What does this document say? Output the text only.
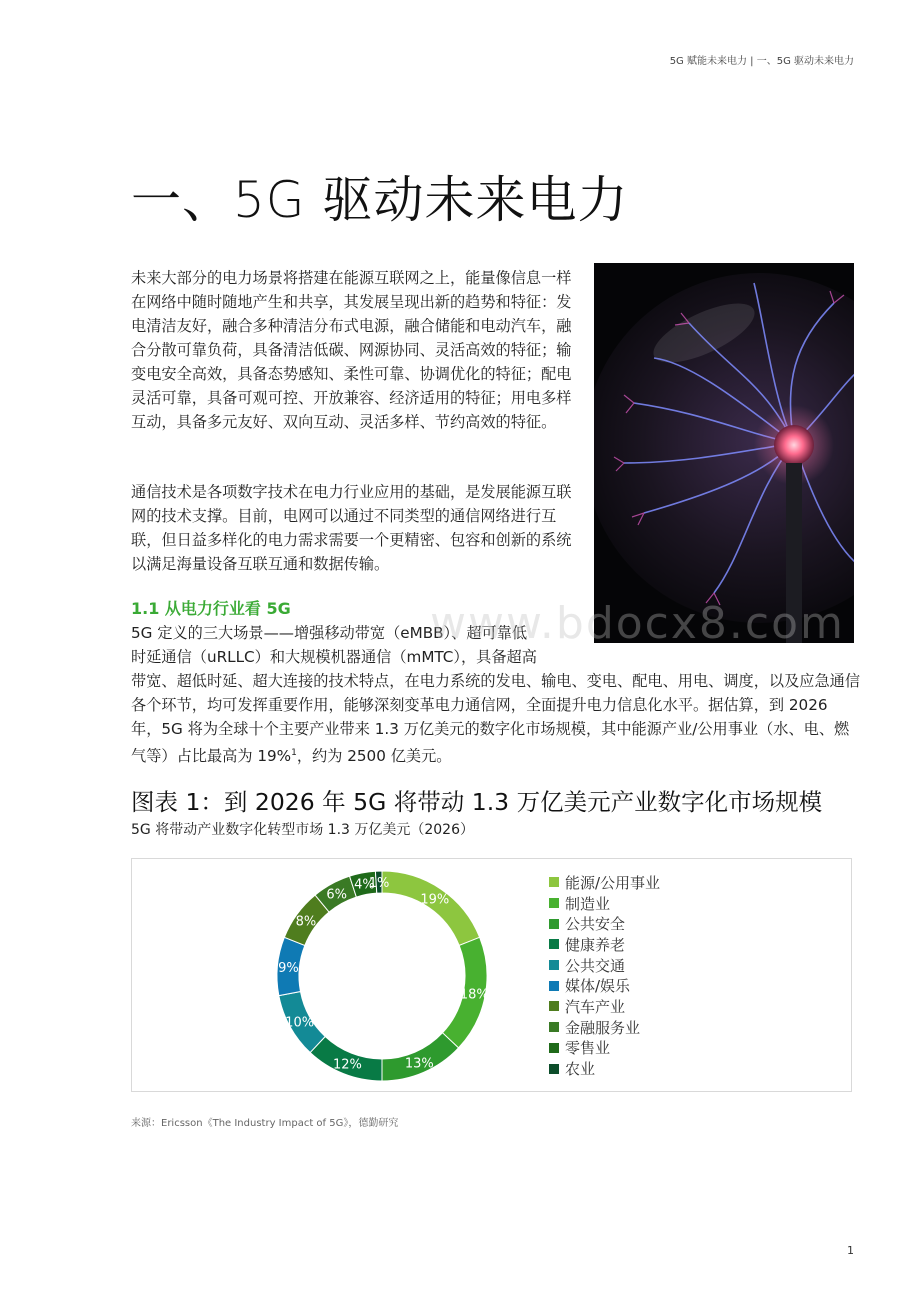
5G 赋能未来电力 | 一、5G 驱动未来电力
一、5G 驱动未来电力

未来大部分的电力场景将搭建在能源互联网之上，能量像信息一样在网络中随时随地产生和共享，其发展呈现出新的趋势和特征：发电清洁友好，融合多种清洁分布式电源，融合储能和电动汽车，融合分散可靠负荷，具备清洁低碳、网源协同、灵活高效的特征；输变电安全高效，具备态势感知、柔性可靠、协调优化的特征；配电灵活可靠，具备可观可控、开放兼容、经济适用的特征；用电多样互动，具备多元友好、双向互动、灵活多样、节约高效的特征。

通信技术是各项数字技术在电力行业应用的基础，是发展能源互联网的技术支撑。目前，电网可以通过不同类型的通信网络进行互联，但日益多样化的电力需求需要一个更精密、包容和创新的系统以满足海量设备互联互通和数据传输。

1.1 从电力行业看 5G

5G 定义的三大场景——增强移动带宽（eMBB）、超可靠低
时延通信（uRLLC）和大规模机器通信（mMTC），具备超高
带宽、超低时延、超大连接的技术特点，在电力系统的发电、输电、变电、配电、用电、调度，以及应急通信各个环节，均可发挥重要作用，能够深刻变革电力通信网，全面提升电力信息化水平。据估算，到 2026 年，5G 将为全球十个主要产业带来 1.3 万亿美元的数字化市场规模，其中能源产业/公用事业（水、电、燃气等）占比最高为 19%$^1$，约为 2500 亿美元。

www.bdocx8.com
图表 1：到 2026 年 5G 将带动 1.3 万亿美元产业数字化市场规模

5G 将带动产业数字化转型市场 1.3 万亿美元（2026）

19%
18%
13%
12%
10%
9%
8%
6%
4%
1%	能源/公用事业
制造业
公共安全
健康养老
公共交通
媒体/娱乐
汽车产业
金融服务业
零售业
农业

来源：Ericsson《The Industry Impact of 5G》，德勤研究

1
